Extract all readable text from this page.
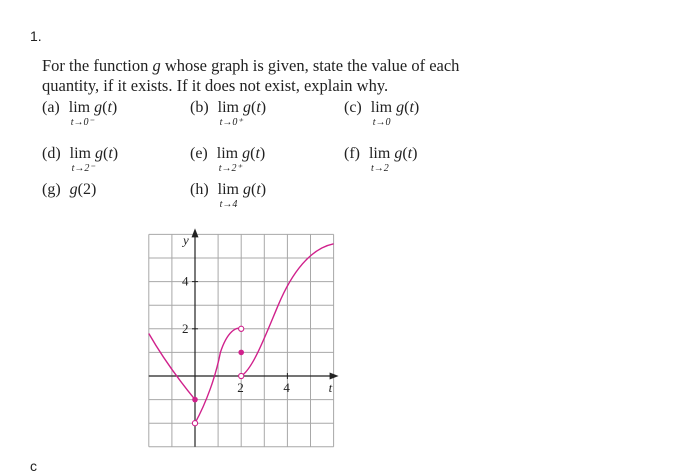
1.
For the function g whose graph is given, state the value of each quantity, if it exists. If it does not exist, explain why.
(a) lim
t→0⁻
g(t)	(b) lim
t→0⁺
g(t)	(c) lim
t→0
g(t)
(d) lim
t→2⁻
g(t)	(e) lim
t→2⁺
g(t)	(f) lim
t→2
g(t)
(g) g(2)	(h) lim
t→4
g(t)
y
t
4
2
2	4
c
